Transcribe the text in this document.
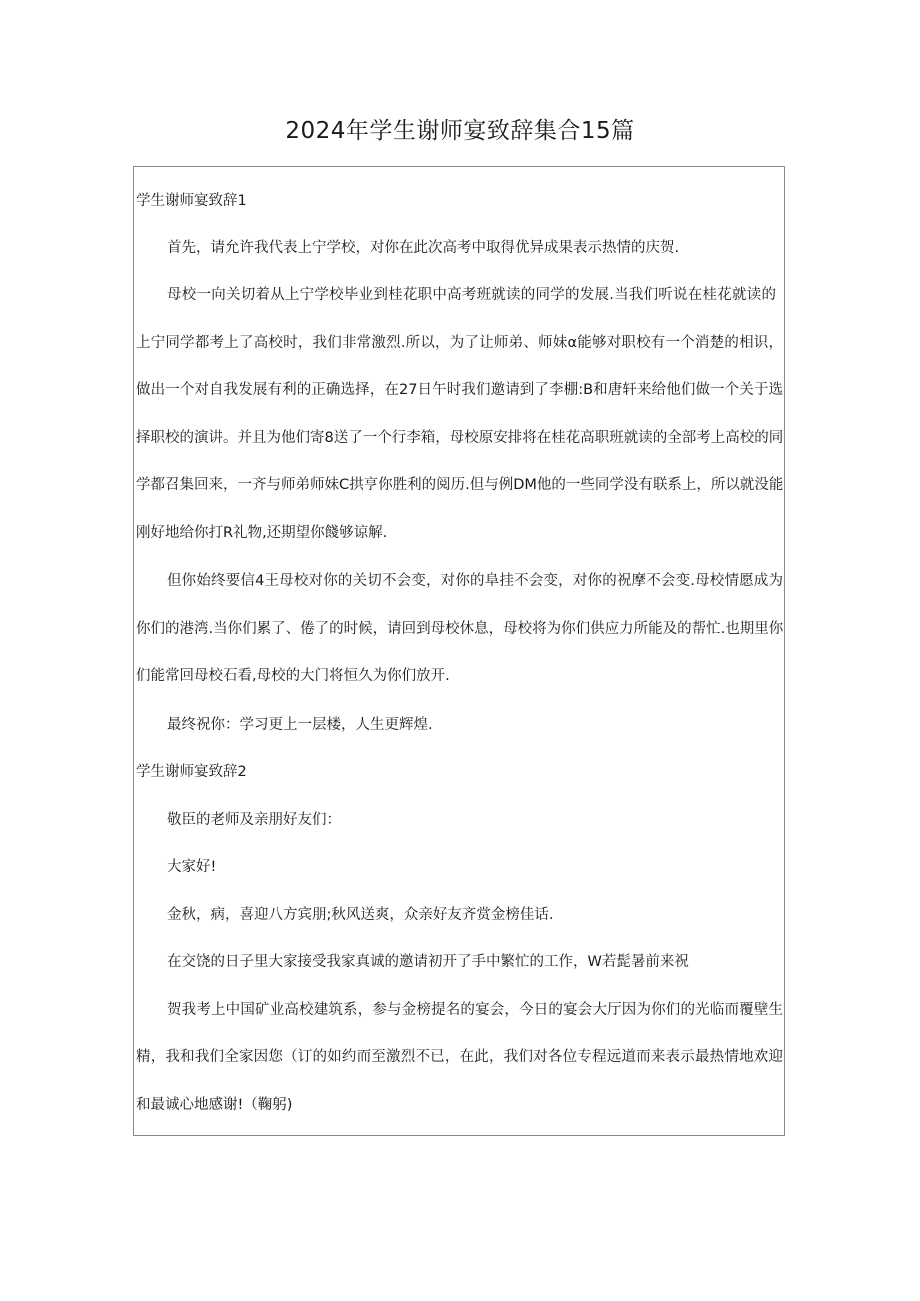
2024年学生谢师宴致辞集合15篇
学生谢师宴致辞1
首先，请允许我代表上宁学校，对你在此次高考中取得优异成果表示热情的庆贺.
母校一向关切着从上宁学校毕业到桂花职中高考班就读的同学的发展.当我们听说在桂花就读的
上宁同学都考上了高校时，我们非常激烈.所以，为了让师弟、师妹α能够对职校有一个消楚的相识，
做出一个对自我发展有利的正确选择，在27日午时我们邀请到了李棚:B和唐轩来给他们做一个关于选
择职校的演讲。并且为他们寄8送了一个行李箱，母校原安排将在桂花高职班就读的全部考上高校的同
学都召集回来，一齐与师弟师妹C拱亨你胜利的阅历.但与例DM他的一些同学没有联系上，所以就没能
刚好地给你打R礼物,还期望你餞够谅解.
但你始终要信4王母校对你的关切不会变，对你的阜挂不会变，对你的祝摩不会变.母校情愿成为
你们的港湾.当你们累了、倦了的时候，请回到母校休息，母校将为你们供应力所能及的帮忙.也期里你
们能常回母校石看,母校的大门将恒久为你们放开.
最终祝你：学习更上一层楼，人生更辉煌.
学生谢师宴致辞2
敬臣的老师及亲朋好友们：
大家好!
金秋，病，喜迎八方宾朋;秋风送爽，众亲好友齐赏金榜佳话.
在交饶的日子里大家接受我家真诚的邀请初开了手中繁忙的工作，W若髭暑前来祝
贺我考上中国矿业高校建筑系，参与金榜提名的宴会，今日的宴会大厅因为你们的光临而覆壁生
精，我和我们全家因您（订的如约而至激烈不已，在此，我们对各位专程远道而来表示最热情地欢迎
和最诚心地感谢!（鞠躬)
